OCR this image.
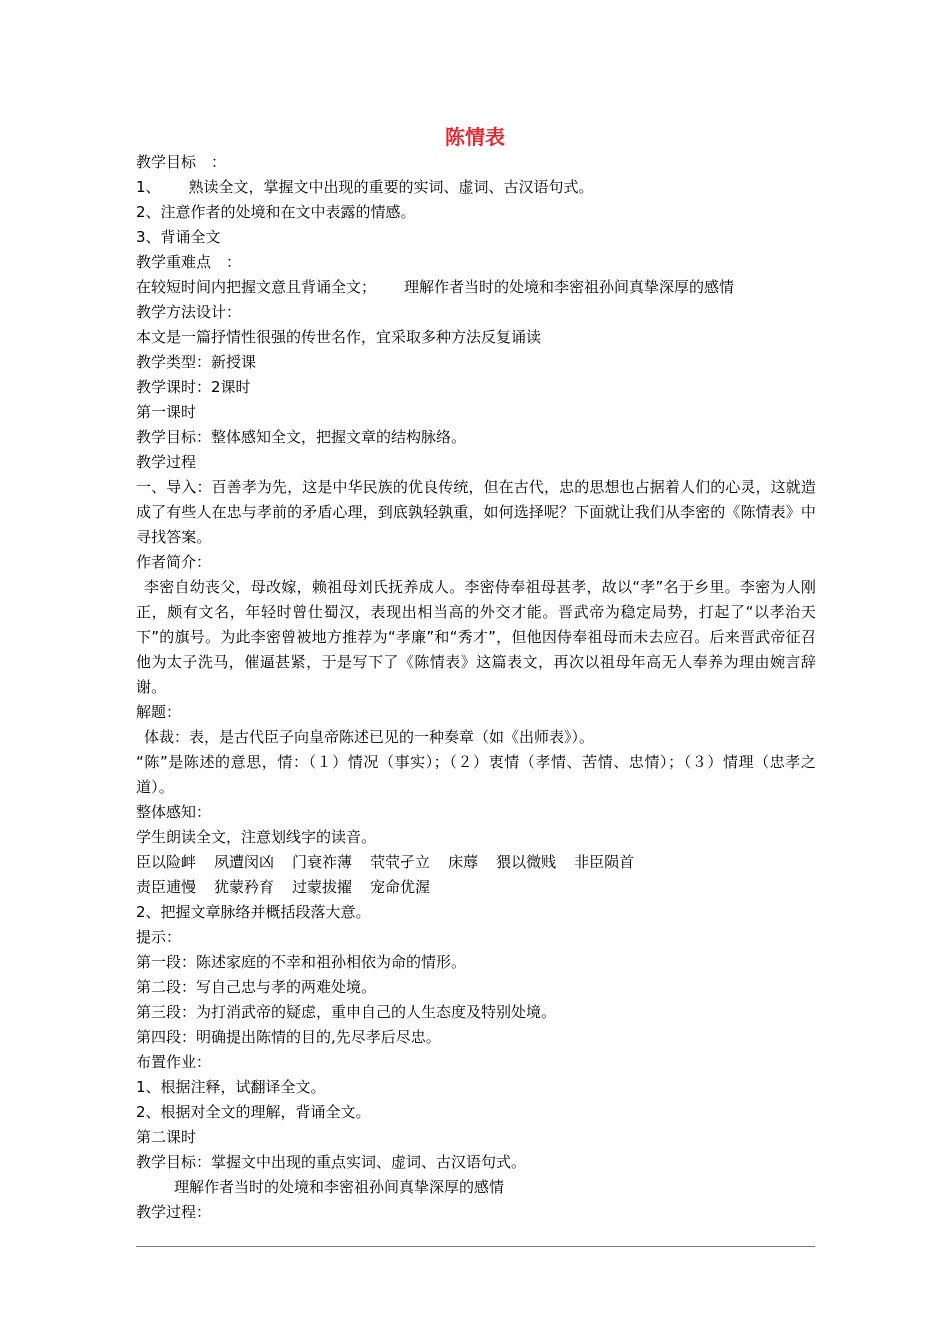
陈情表

教学目标　：

1、 熟读全文，掌握文中出现的重要的实词、虚词、古汉语句式。

2、注意作者的处境和在文中表露的情感。

3、背诵全文

教学重难点　：

在较短时间内把握文意且背诵全文； 理解作者当时的处境和李密祖孙间真挚深厚的感情

教学方法设计：

本文是一篇抒情性很强的传世名作，宜采取多种方法反复诵读

教学类型：新授课

教学课时：2课时

第一课时

教学目标：整体感知全文，把握文章的结构脉络。

教学过程

一、导入：百善孝为先，这是中华民族的优良传统，但在古代，忠的思想也占据着人们的心灵，这就造成了有些人在忠与孝前的矛盾心理，到底孰轻孰重，如何选择呢？下面就让我们从李密的《陈情表》中寻找答案。

作者简介：

李密自幼丧父，母改嫁，赖祖母刘氏抚养成人。李密侍奉祖母甚孝，故以“孝”名于乡里。李密为人刚正，颇有文名，年轻时曾仕蜀汉，表现出相当高的外交才能。晋武帝为稳定局势，打起了“以孝治天下”的旗号。为此李密曾被地方推荐为“孝廉”和“秀才”，但他因侍奉祖母而未去应召。后来晋武帝征召他为太子洗马，催逼甚紧，于是写下了《陈情表》这篇表文，再次以祖母年高无人奉养为理由婉言辞谢。

解题：

体裁：表，是古代臣子向皇帝陈述已见的一种奏章（如《出师表》）。

“陈”是陈述的意思，情：（１）情况（事实）；（２）衷情（孝情、苦情、忠情）；（３）情理（忠孝之道）。

整体感知：

学生朗读全文，注意划线字的读音。

臣以险衅 夙遭闵凶 门衰祚薄 茕茕孑立 床蓐 猥以微贱 非臣陨首

责臣逋慢 犹蒙矜育 过蒙拔擢 宠命优渥

2、把握文章脉络并概括段落大意。

提示：

第一段：陈述家庭的不幸和祖孙相依为命的情形。

第二段：写自己忠与孝的两难处境。

第三段：为打消武帝的疑虑，重申自己的人生态度及特别处境。

第四段：明确提出陈情的目的,先尽孝后尽忠。

布置作业：

1、根据注释，试翻译全文。

2、根据对全文的理解，背诵全文。

第二课时

教学目标：掌握文中出现的重点实词、虚词、古汉语句式。

理解作者当时的处境和李密祖孙间真挚深厚的感情

教学过程：
